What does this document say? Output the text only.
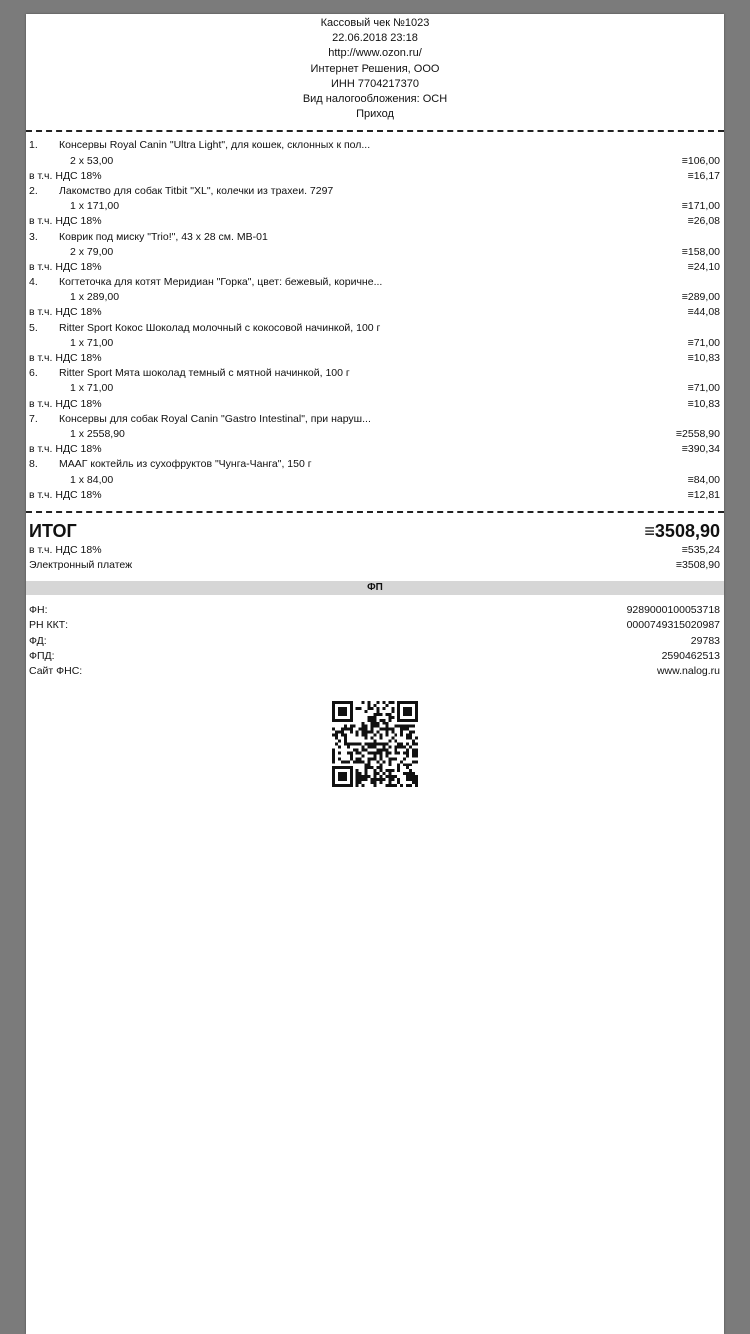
Кассовый чек №1023
22.06.2018 23:18
http://www.ozon.ru/
Интернет Решения, ООО
ИНН 7704217370
Вид налогообложения: ОСН
Приход
1.	Консервы Royal Canin "Ultra Light", для кошек, склонных к пол...
2 x 53,00	≡106,00
в т.ч. НДС 18%	≡16,17
2.	Лакомство для собак Titbit "XL", колечки из трахеи. 7297
1 x 171,00	≡171,00
в т.ч. НДС 18%	≡26,08
3.	Коврик под миску "Trio!", 43 х 28 см. МВ-01
2 x 79,00	≡158,00
в т.ч. НДС 18%	≡24,10
4.	Когтеточка для котят Меридиан "Горка", цвет: бежевый, коричне...
1 x 289,00	≡289,00
в т.ч. НДС 18%	≡44,08
5.	Ritter Sport Кокос Шоколад молочный с кокосовой начинкой, 100 г
1 x 71,00	≡71,00
в т.ч. НДС 18%	≡10,83
6.	Ritter Sport Мята шоколад темный с мятной начинкой, 100 г
1 x 71,00	≡71,00
в т.ч. НДС 18%	≡10,83
7.	Консервы для собак Royal Canin "Gastro Intestinal", при наруш...
1 x 2558,90	≡2558,90
в т.ч. НДС 18%	≡390,34
8.	МААГ коктейль из сухофруктов "Чунга-Чанга", 150 г
1 x 84,00	≡84,00
в т.ч. НДС 18%	≡12,81
ИТОГ	≡3508,90
в т.ч. НДС 18%	≡535,24
Электронный платеж	≡3508,90
ФП
ФН:	9289000100053718
РН ККТ:	0000749315020987
ФД:	29783
ФПД:	2590462513
Сайт ФНС:	www.nalog.ru
